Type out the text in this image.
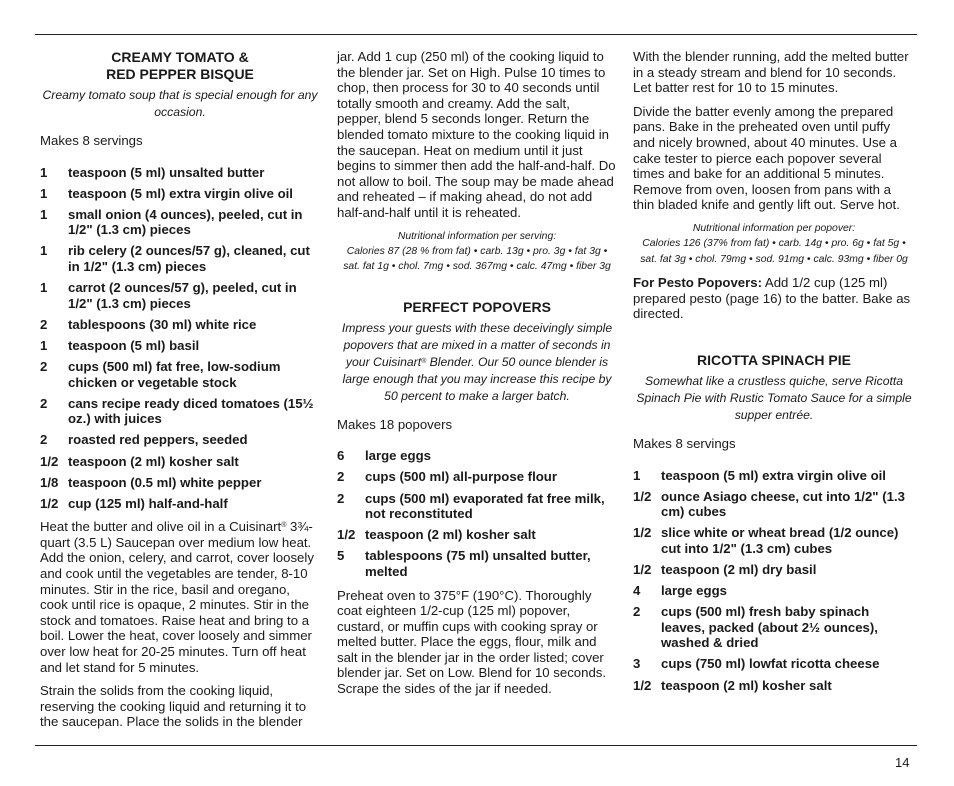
CREAMY TOMATO &
RED PEPPER BISQUE

Creamy tomato soup that is special enough for any occasion.

Makes 8 servings

1	teaspoon (5 ml) unsalted butter
1	teaspoon (5 ml) extra virgin olive oil
1	small onion (4 ounces), peeled, cut in 1/2" (1.3 cm) pieces
1	rib celery (2 ounces/57 g), cleaned, cut in 1/2" (1.3 cm) pieces
1	carrot (2 ounces/57 g), peeled, cut in 1/2" (1.3 cm) pieces
2	tablespoons (30 ml) white rice
1	teaspoon (5 ml) basil
2	cups (500 ml) fat free, low-sodium chicken or vegetable stock
2	cans recipe ready diced tomatoes (15½ oz.) with juices
2	roasted red peppers, seeded
1/2 teaspoon (2 ml) kosher salt
1/8 teaspoon (0.5 ml) white pepper
1/2 cup (125 ml) half-and-half

Heat the butter and olive oil in a Cuisinart® 3¾-quart (3.5 L) Saucepan over medium low heat. Add the onion, celery, and carrot, cover loosely and cook until the vegetables are tender, 8-10 minutes. Stir in the rice, basil and oregano, cook until rice is opaque, 2 minutes. Stir in the stock and tomatoes. Raise heat and bring to a boil. Lower the heat, cover loosely and simmer over low heat for 20-25 minutes. Turn off heat and let stand for 5 minutes.

Strain the solids from the cooking liquid, reserving the cooking liquid and returning it to the saucepan. Place the solids in the blender

jar. Add 1 cup (250 ml) of the cooking liquid to the blender jar. Set on High. Pulse 10 times to chop, then process for 30 to 40 seconds until totally smooth and creamy. Add the salt, pepper, blend 5 seconds longer. Return the blended tomato mixture to the cooking liquid in the saucepan. Heat on medium until it just begins to simmer then add the half-and-half. Do not allow to boil. The soup may be made ahead and reheated – if making ahead, do not add half-and-half until it is reheated.

Nutritional information per serving:
Calories 87 (28 % from fat) • carb. 13g • pro. 3g • fat 3g • sat. fat 1g • chol. 7mg • sod. 367mg • calc. 47mg • fiber 3g

PERFECT POPOVERS

Impress your guests with these deceivingly simple popovers that are mixed in a matter of seconds in your Cuisinart® Blender. Our 50 ounce blender is large enough that you may increase this recipe by 50 percent to make a larger batch.

Makes 18 popovers

6	large eggs
2	cups (500 ml) all-purpose flour
2	cups (500 ml) evaporated fat free milk, not reconstituted
1/2 teaspoon (2 ml) kosher salt
5	tablespoons (75 ml) unsalted butter, melted

Preheat oven to 375°F (190°C). Thoroughly coat eighteen 1/2-cup (125 ml) popover, custard, or muffin cups with cooking spray or melted butter. Place the eggs, flour, milk and salt in the blender jar in the order listed; cover blender jar. Set on Low. Blend for 10 seconds. Scrape the sides of the jar if needed.

With the blender running, add the melted butter in a steady stream and blend for 10 seconds. Let batter rest for 10 to 15 minutes.

Divide the batter evenly among the prepared pans. Bake in the preheated oven until puffy and nicely browned, about 40 minutes. Use a cake tester to pierce each popover several times and bake for an additional 5 minutes. Remove from oven, loosen from pans with a thin bladed knife and gently lift out. Serve hot.

Nutritional information per popover:
Calories 126 (37% from fat) • carb. 14g • pro. 6g • fat 5g • sat. fat 3g • chol. 79mg • sod. 91mg • calc. 93mg • fiber 0g

For Pesto Popovers: Add 1/2 cup (125 ml) prepared pesto (page 16) to the batter. Bake as directed.

RICOTTA SPINACH PIE

Somewhat like a crustless quiche, serve Ricotta Spinach Pie with Rustic Tomato Sauce for a simple supper entrée.

Makes 8 servings

1	teaspoon (5 ml) extra virgin olive oil
1/2 ounce Asiago cheese, cut into 1/2" (1.3 cm) cubes
1/2 slice white or wheat bread (1/2 ounce) cut into 1/2" (1.3 cm) cubes
1/2 teaspoon (2 ml) dry basil
4	large eggs
2	cups (500 ml) fresh baby spinach leaves, packed (about 2½ ounces), washed & dried
3	cups (750 ml) lowfat ricotta cheese
1/2 teaspoon (2 ml) kosher salt
14
